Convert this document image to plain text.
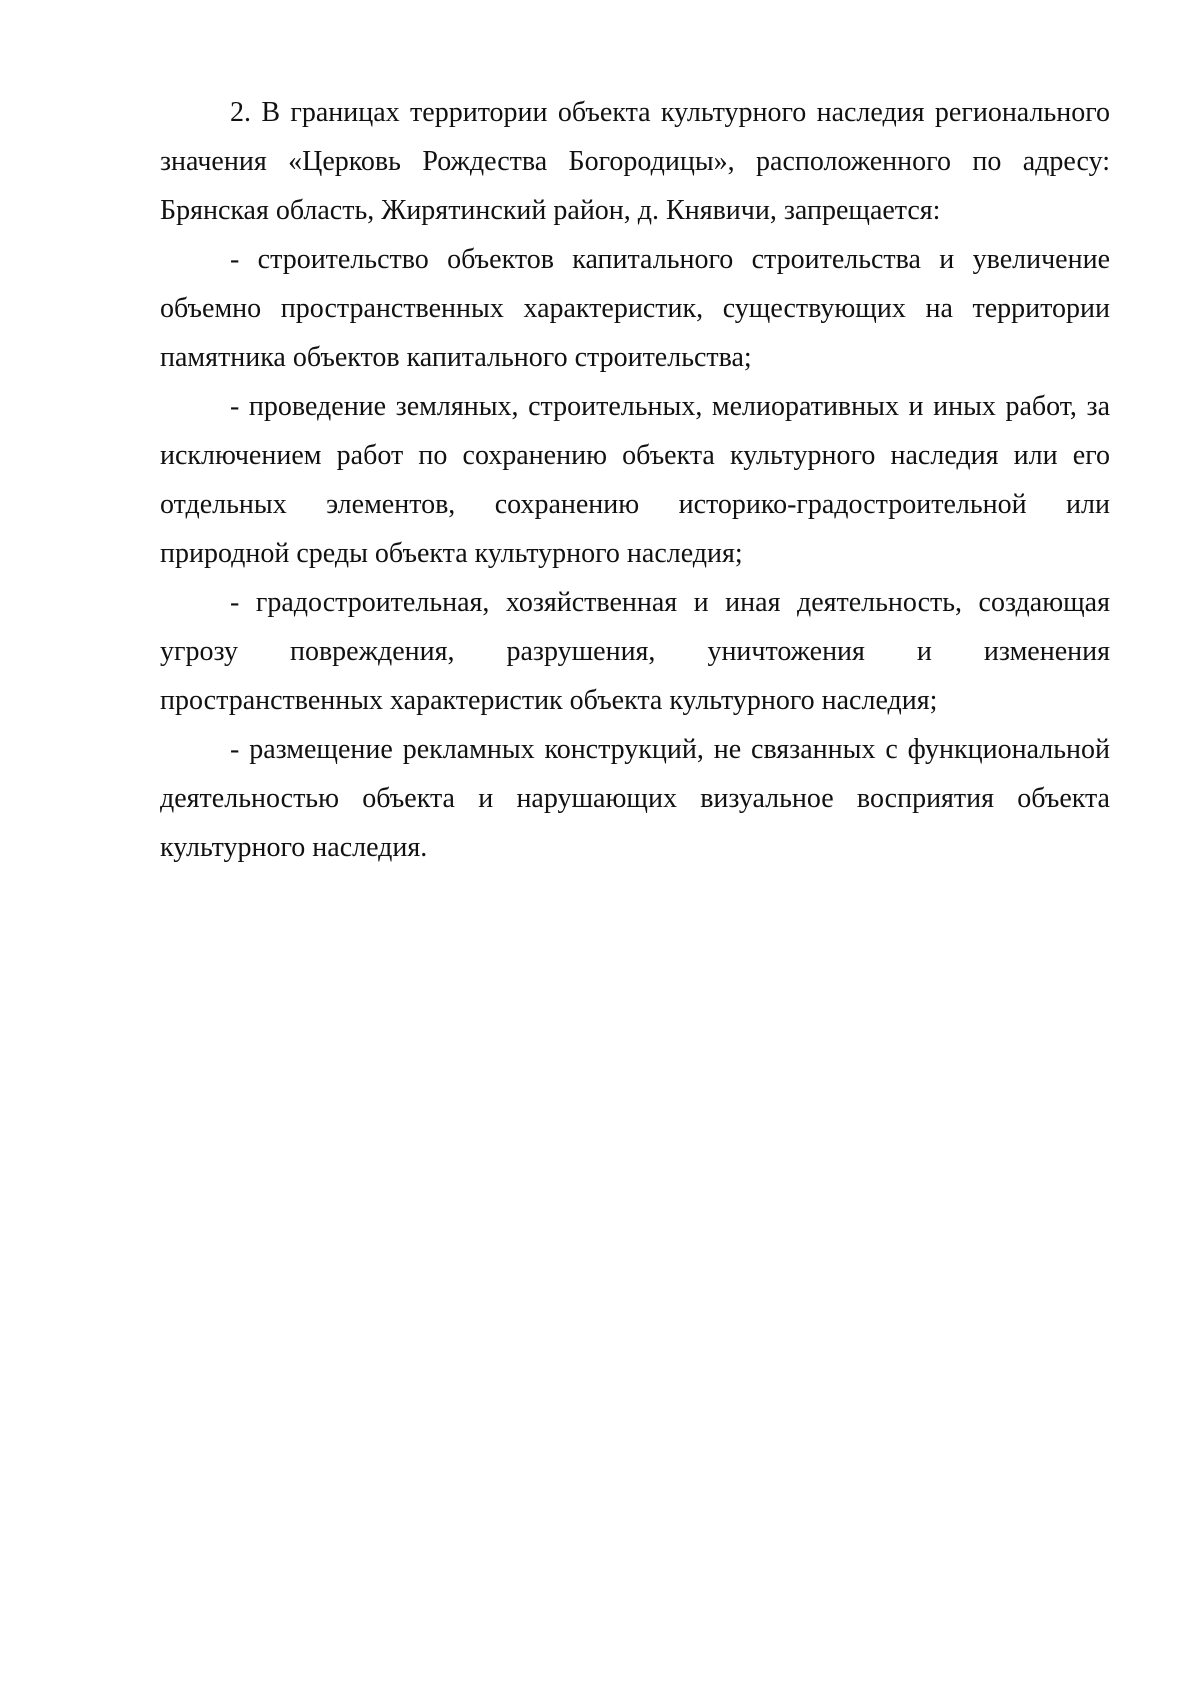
2. В границах территории объекта культурного наследия регионального значения «Церковь Рождества Богородицы», расположенного по адресу: Брянская область, Жирятинский район, д. Княвичи, запрещается:

- строительство объектов капитального строительства и увеличение объемно пространственных характеристик, существующих на территории памятника объектов капитального строительства;

- проведение земляных, строительных, мелиоративных и иных работ, за исключением работ по сохранению объекта культурного наследия или его отдельных элементов, сохранению историко-градостроительной или природной среды объекта культурного наследия;

- градостроительная, хозяйственная и иная деятельность, создающая угрозу повреждения, разрушения, уничтожения и изменения пространственных характеристик объекта культурного наследия;

- размещение рекламных конструкций, не связанных с функциональной деятельностью объекта и нарушающих визуальное восприятия объекта культурного наследия.
